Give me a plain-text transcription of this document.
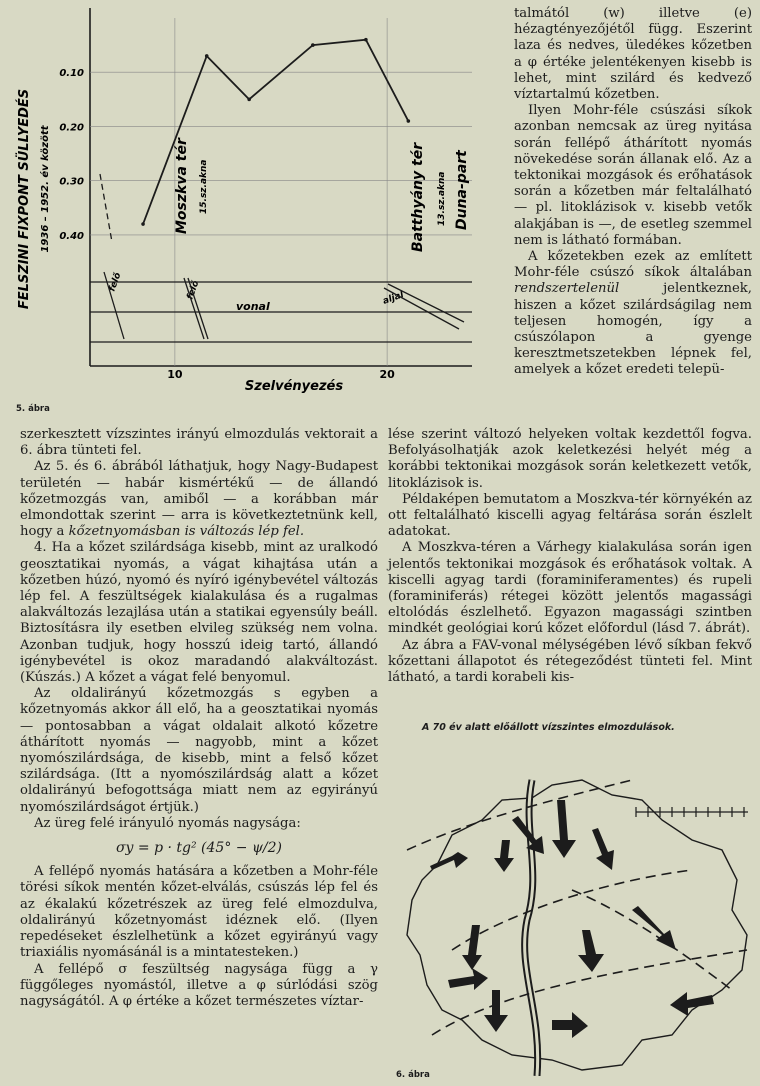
0.10
0.20
0.30
0.40
10	20
FELSZINI FIXPONT SÜLLYEDÉS 1936 – 1952. év között	Moszkva tér 15.sz.akna	Batthyány tér 13.sz.akna Duna-part
felő	felő
vonal	aljal
Szelvényezés
5. ábra

talmától (w) illetve (e) hézagtényezőjétől függ. Eszerint laza és nedves, üledékes kőzetben a φ értéke jelentékenyen kisebb is lehet, mint szilárd és kedvező víztartalmú kőzetben.

Ilyen Mohr-féle csúszási síkok azonban nemcsak az üreg nyitása során fellépő áthárított nyomás növekedése során állanak elő. Az a tektonikai mozgások és erőhatások során a kőzetben már feltalálható — pl. litoklázisok v. kisebb vetők alakjában is —, de esetleg szemmel nem is látható formában.

A kőzetekben ezek az említett Mohr-féle csúszó síkok általában rendszertelenül	jelentkeznek, hiszen a kőzet szilárdságilag nem teljesen homogén, így a csúszólapon a gyenge keresztmetszetekben lépnek fel, amelyek a kőzet eredeti telepü-

szerkesztett vízszintes irányú elmozdulás vektorait a 6. ábra tünteti fel.

Az 5. és 6. ábrából láthatjuk, hogy Nagy-Budapest területén — habár kismértékű — de állandó kőzetmozgás van, amiből — a korábban már elmondottak szerint — arra is következtetnünk kell, hogy a kőzetnyomásban is változás lép fel.

4. Ha a kőzet szilárdsága kisebb, mint az uralkodó geosztatikai nyomás, a vágat kihajtása után a kőzetben húzó, nyomó és nyíró igénybevétel változás lép fel. A feszültségek kialakulása és a rugalmas alakváltozás lezajlása után a statikai egyensúly beáll. Biztosításra ily esetben elvileg szükség nem volna. Azonban tudjuk, hogy hosszú ideig tartó, állandó igénybevétel is okoz maradandó alakváltozást. (Kúszás.) A kőzet a vágat felé benyomul.

Az oldalirányú kőzetmozgás s egyben a kőzetnyomás akkor áll elő, ha a geosztatikai nyomás — pontosabban a vágat oldalait alkotó kőzetre áthárított nyomás — nagyobb, mint a kőzet nyomószilárdsága, de kisebb, mint a felső kőzet szilárdsága. (Itt a nyomószilárdság alatt a kőzet oldalirányú befogottsága miatt nem az egyirányú nyomószilárdságot értjük.)

Az üreg felé irányuló nyomás nagysága:

σy = p · tg² (45° − ψ/2)

A fellépő nyomás hatására a kőzetben a Mohr-féle törési síkok mentén kőzet-elválás, csúszás lép fel és az ékalakú kőzetrészek az üreg felé elmozdulva, oldalirányú kőzetnyomást idéznek elő. (Ilyen repedéseket észlelhetünk a kőzet egyirányú vagy triaxiális nyomásánál is a mintatesteken.)

A fellépő σ feszültség nagysága függ a γ függőleges nyomástól, illetve a φ súrlódási szög nagyságától. A φ értéke a kőzet természetes víztar-

lése szerint változó helyeken voltak kezdettől fogva. Befolyásolhatják azok keletkezési helyét még a korábbi tektonikai mozgások során keletkezett vetők, litoklázisok is.

Példaképen bemutatom a Moszkva-tér környékén az ott feltalálható kiscelli agyag feltárása során észlelt adatokat.

A Moszkva-téren a Várhegy kialakulása során igen jelentős tektonikai mozgások és erőhatások voltak. A kiscelli agyag tardi (foraminiferamentes) és rupeli (foraminiferás) rétegei között jelentős magassági eltolódás észlelhető. Egyazon magassági szintben mindkét geológiai korú kőzet előfordul (lásd 7. ábrát).

Az ábra a FAV-vonal mélységében lévő síkban fekvő kőzettani állapotot és rétegeződést tünteti fel. Mint látható, a tardi korabeli kis-

A 70 év alatt előállott vízszintes elmozdulások.
6. ábra
